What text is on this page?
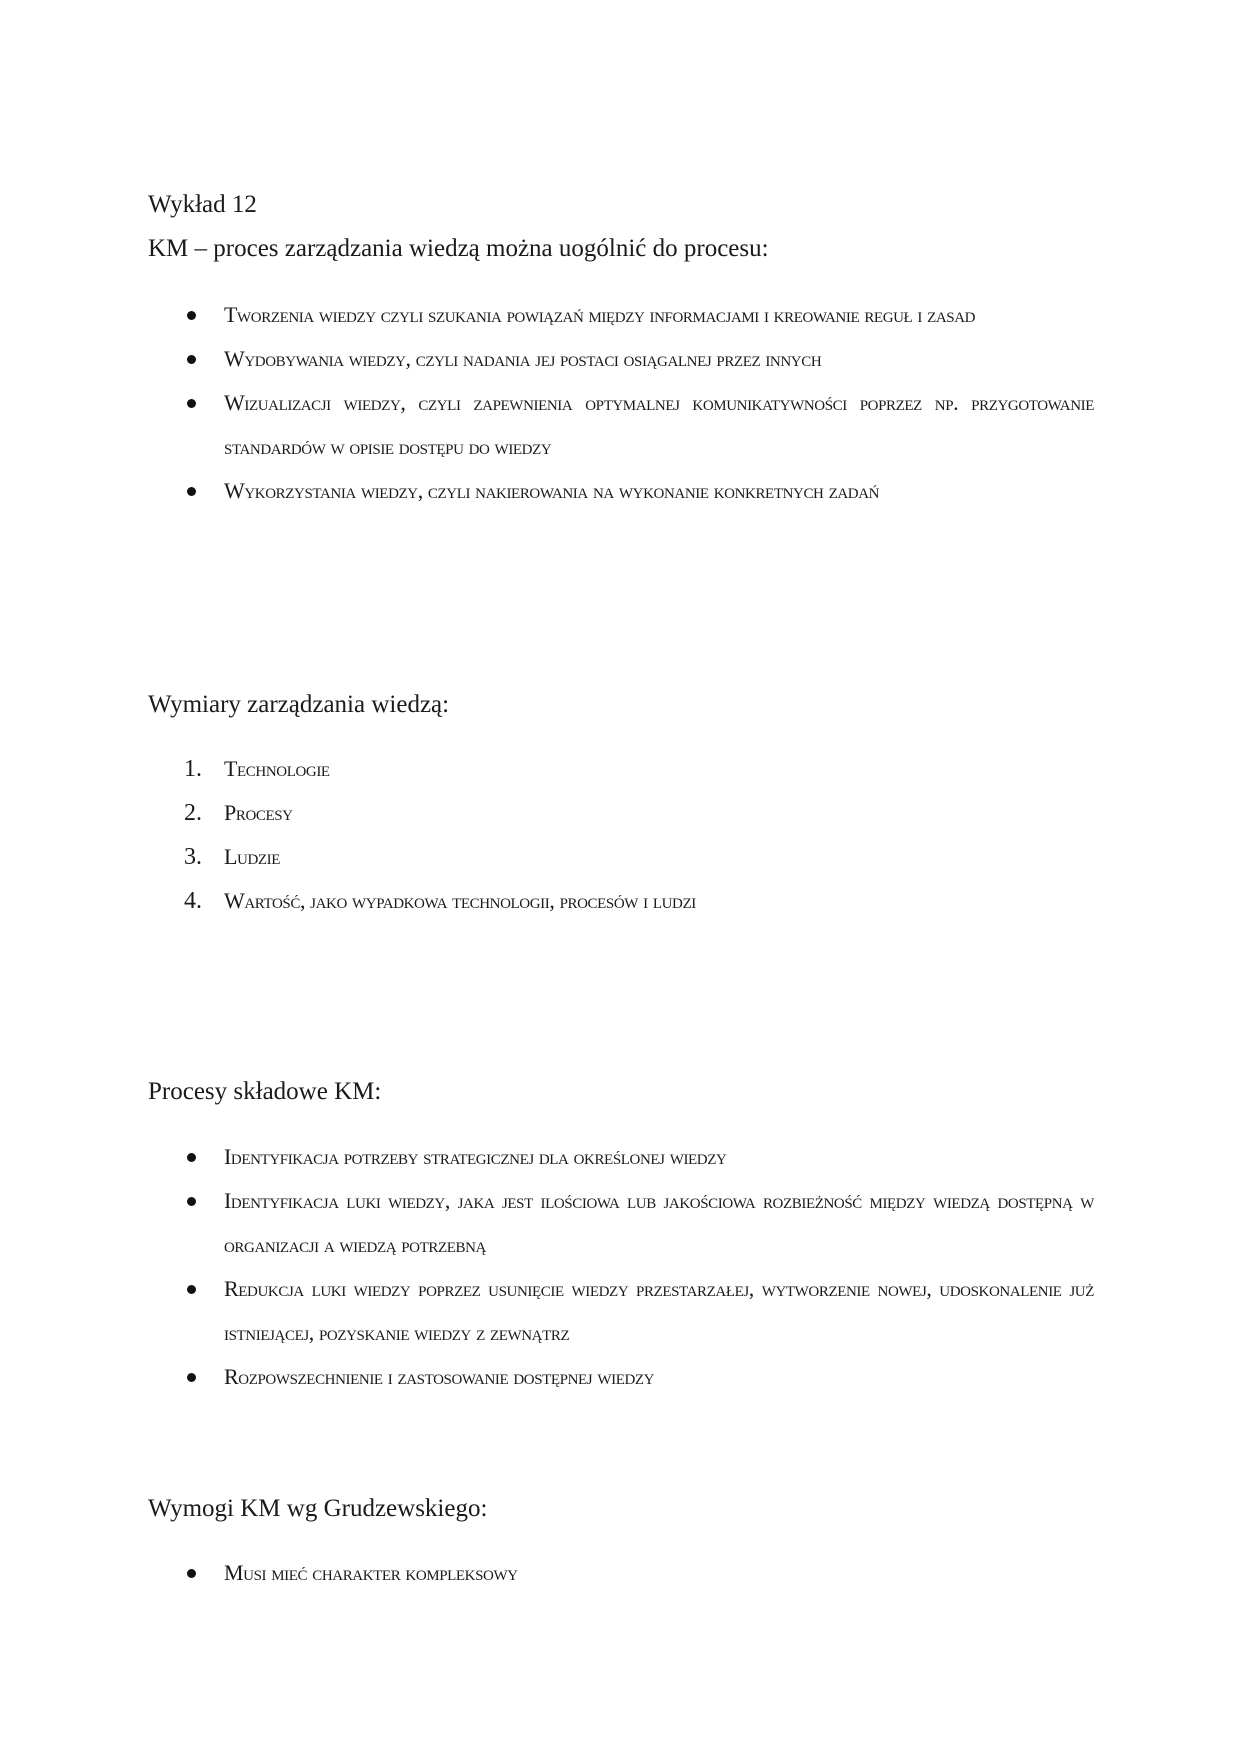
Wykład 12
KM – proces zarządzania wiedzą można uogólnić do procesu:
Tworzenia wiedzy czyli szukania powiązań między informacjami i kreowanie reguł i zasad
Wydobywania wiedzy, czyli nadania jej postaci osiągalnej przez innych
Wizualizacji wiedzy, czyli zapewnienia optymalnej komunikatywności poprzez np. przygotowanie standardów w opisie dostępu do wiedzy
Wykorzystania wiedzy, czyli nakierowania na wykonanie konkretnych zadań
Wymiary zarządzania wiedzą:
1. Technologie
2. Procesy
3. Ludzie
4. Wartość, jako wypadkowa technologii, procesów i ludzi
Procesy składowe KM:
Identyfikacja potrzeby strategicznej dla określonej wiedzy
Identyfikacja luki wiedzy, jaka jest ilościowa lub jakościowa rozbieżność między wiedzą dostępną w organizacji a wiedzą potrzebną
Redukcja luki wiedzy poprzez usunięcie wiedzy przestarzałej, wytworzenie nowej, udoskonalenie już istniejącej, pozyskanie wiedzy z zewnątrz
Rozpowszechnienie i zastosowanie dostępnej wiedzy
Wymogi KM wg Grudzewskiego:
Musi mieć charakter kompleksowy
